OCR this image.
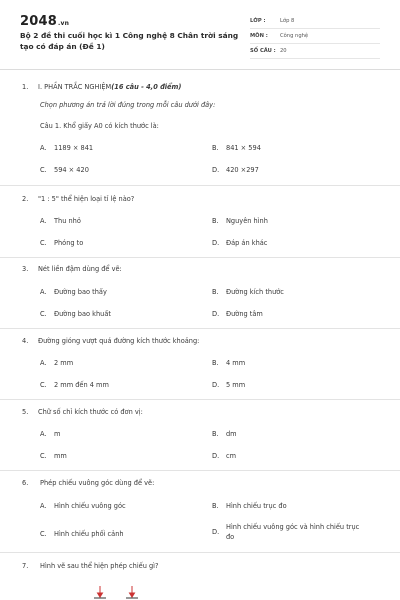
2048.vn
Bộ 2 đề thi cuối học kì 1 Công nghệ 8 Chân trời sáng tạo có đáp án (Đề 1)
LỚP :	Lớp 8
MÔN :	Công nghệ
SỐ CÂU : 20
1. I. PHẦN TRẮC NGHIỆM(16 câu - 4,0 điểm)
Chọn phương án trả lời đúng trong mỗi câu dưới đây:
Câu 1. Khổ giấy A0 có kích thước là:
A. 1189 × 841	B. 841 × 594
C. 594 × 420	D. 420 ×297
2. "1 : 5" thể hiện loại tỉ lệ nào?
A. Thu nhỏ	B. Nguyên hình
C. Phóng to	D. Đáp án khác
3. Nét liền đậm dùng để vẽ:
A. Đường bao thấy	B. Đường kích thước
C. Đường bao khuất	D. Đường tâm
4. Đường gióng vượt quá đường kích thước khoảng:
A. 2 mm	B. 4 mm
C. 2 mm đến 4 mm	D. 5 mm
5. Chữ số chỉ kích thước có đơn vị:
A. m	B. dm
C. mm	D. cm
6. Phép chiếu vuông góc dùng để vẽ:
A. Hình chiếu vuông góc	B. Hình chiếu trục đo
C. Hình chiếu phối cảnh	D.
Hình chiếu vuông góc và hình chiếu trục
đo
7. Hình vẽ sau thể hiện phép chiếu gì?
